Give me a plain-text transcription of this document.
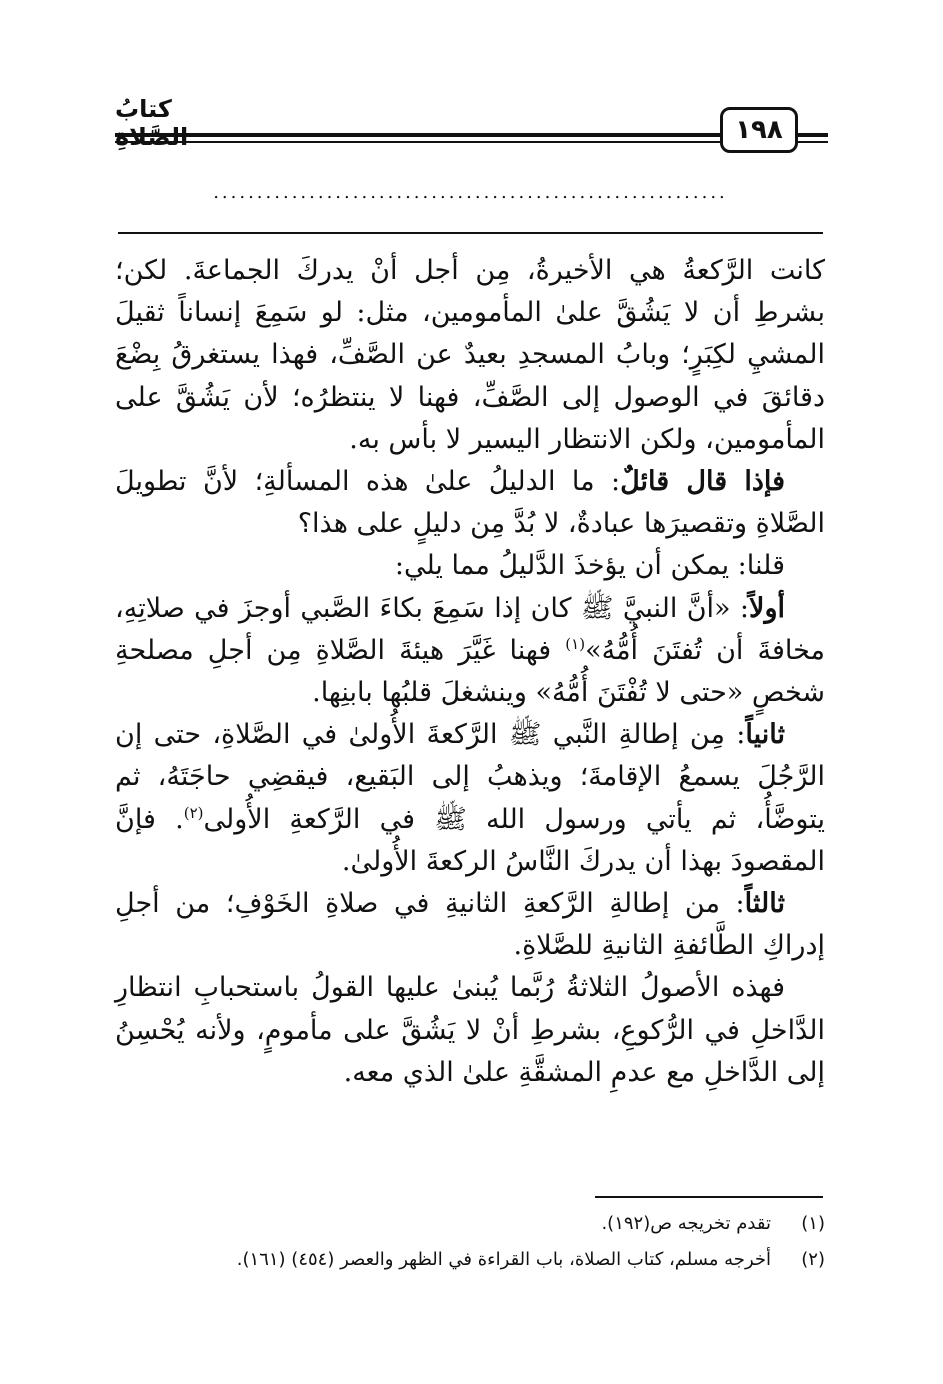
١٩٨
كتابُ الصَّلاةِ
...........................................................

كانت الرَّكعةُ هي الأخيرةُ، مِن أجل أنْ يدركَ الجماعةَ. لكن؛ بشرطِ أن لا يَشُقَّ علىٰ المأمومين، مثل: لو سَمِعَ إنساناً ثقيلَ المشيِ لكِبَرٍ؛ وبابُ المسجدِ بعيدٌ عن الصَّفِّ، فهذا يستغرقُ بِضْعَ دقائقَ في الوصول إلى الصَّفِّ، فهنا لا ينتظرُه؛ لأن يَشُقَّ على المأمومين، ولكن الانتظار اليسير لا بأس به.

فإذا قال قائلٌ: ما الدليلُ علىٰ هذه المسألةِ؛ لأنَّ تطويلَ الصَّلاةِ وتقصيرَها عبادةٌ، لا بُدَّ مِن دليلٍ على هذا؟

قلنا: يمكن أن يؤخذَ الدَّليلُ مما يلي:

أولاً: «أنَّ النبيَّ ﷺ كان إذا سَمِعَ بكاءَ الصَّبي أوجزَ في صلاتِهِ، مخافةَ أن تُفتَنَ أُمُّهُ»$^{(١)}$ فهنا غَيَّرَ هيئةَ الصَّلاةِ مِن أجلِ مصلحةِ شخصٍ «حتى لا تُفْتَنَ أُمُّهُ» وينشغلَ قلبُها بابنِها.

ثانياً: مِن إطالةِ النَّبي ﷺ الرَّكعةَ الأُولىٰ في الصَّلاةِ، حتى إن الرَّجُلَ يسمعُ الإقامةَ؛ ويذهبُ إلى البَقيع، فيقضِي حاجَتَهُ، ثم يتوضَّأُ، ثم يأتي ورسول الله ﷺ في الرَّكعةِ الأُولى$^{(٢)}$. فإنَّ المقصودَ بهذا أن يدركَ النَّاسُ الركعةَ الأُولىٰ.

ثالثاً: من إطالةِ الرَّكعةِ الثانيةِ في صلاةِ الخَوْفِ؛ من أجلِ إدراكِ الطَّائفةِ الثانيةِ للصَّلاةِ.

فهذه الأصولُ الثلاثةُ رُبَّما يُبنىٰ عليها القولُ باستحبابِ انتظارِ الدَّاخلِ في الرُّكوعِ، بشرطِ أنْ لا يَشُقَّ على مأمومٍ، ولأنه يُحْسِنُ إلى الدَّاخلِ مع عدمِ المشقَّةِ علىٰ الذي معه.

(١)
تقدم تخريجه ص(١٩٢).
(٢)
أخرجه مسلم، كتاب الصلاة، باب القراءة في الظهر والعصر (٤٥٤) (١٦١).
